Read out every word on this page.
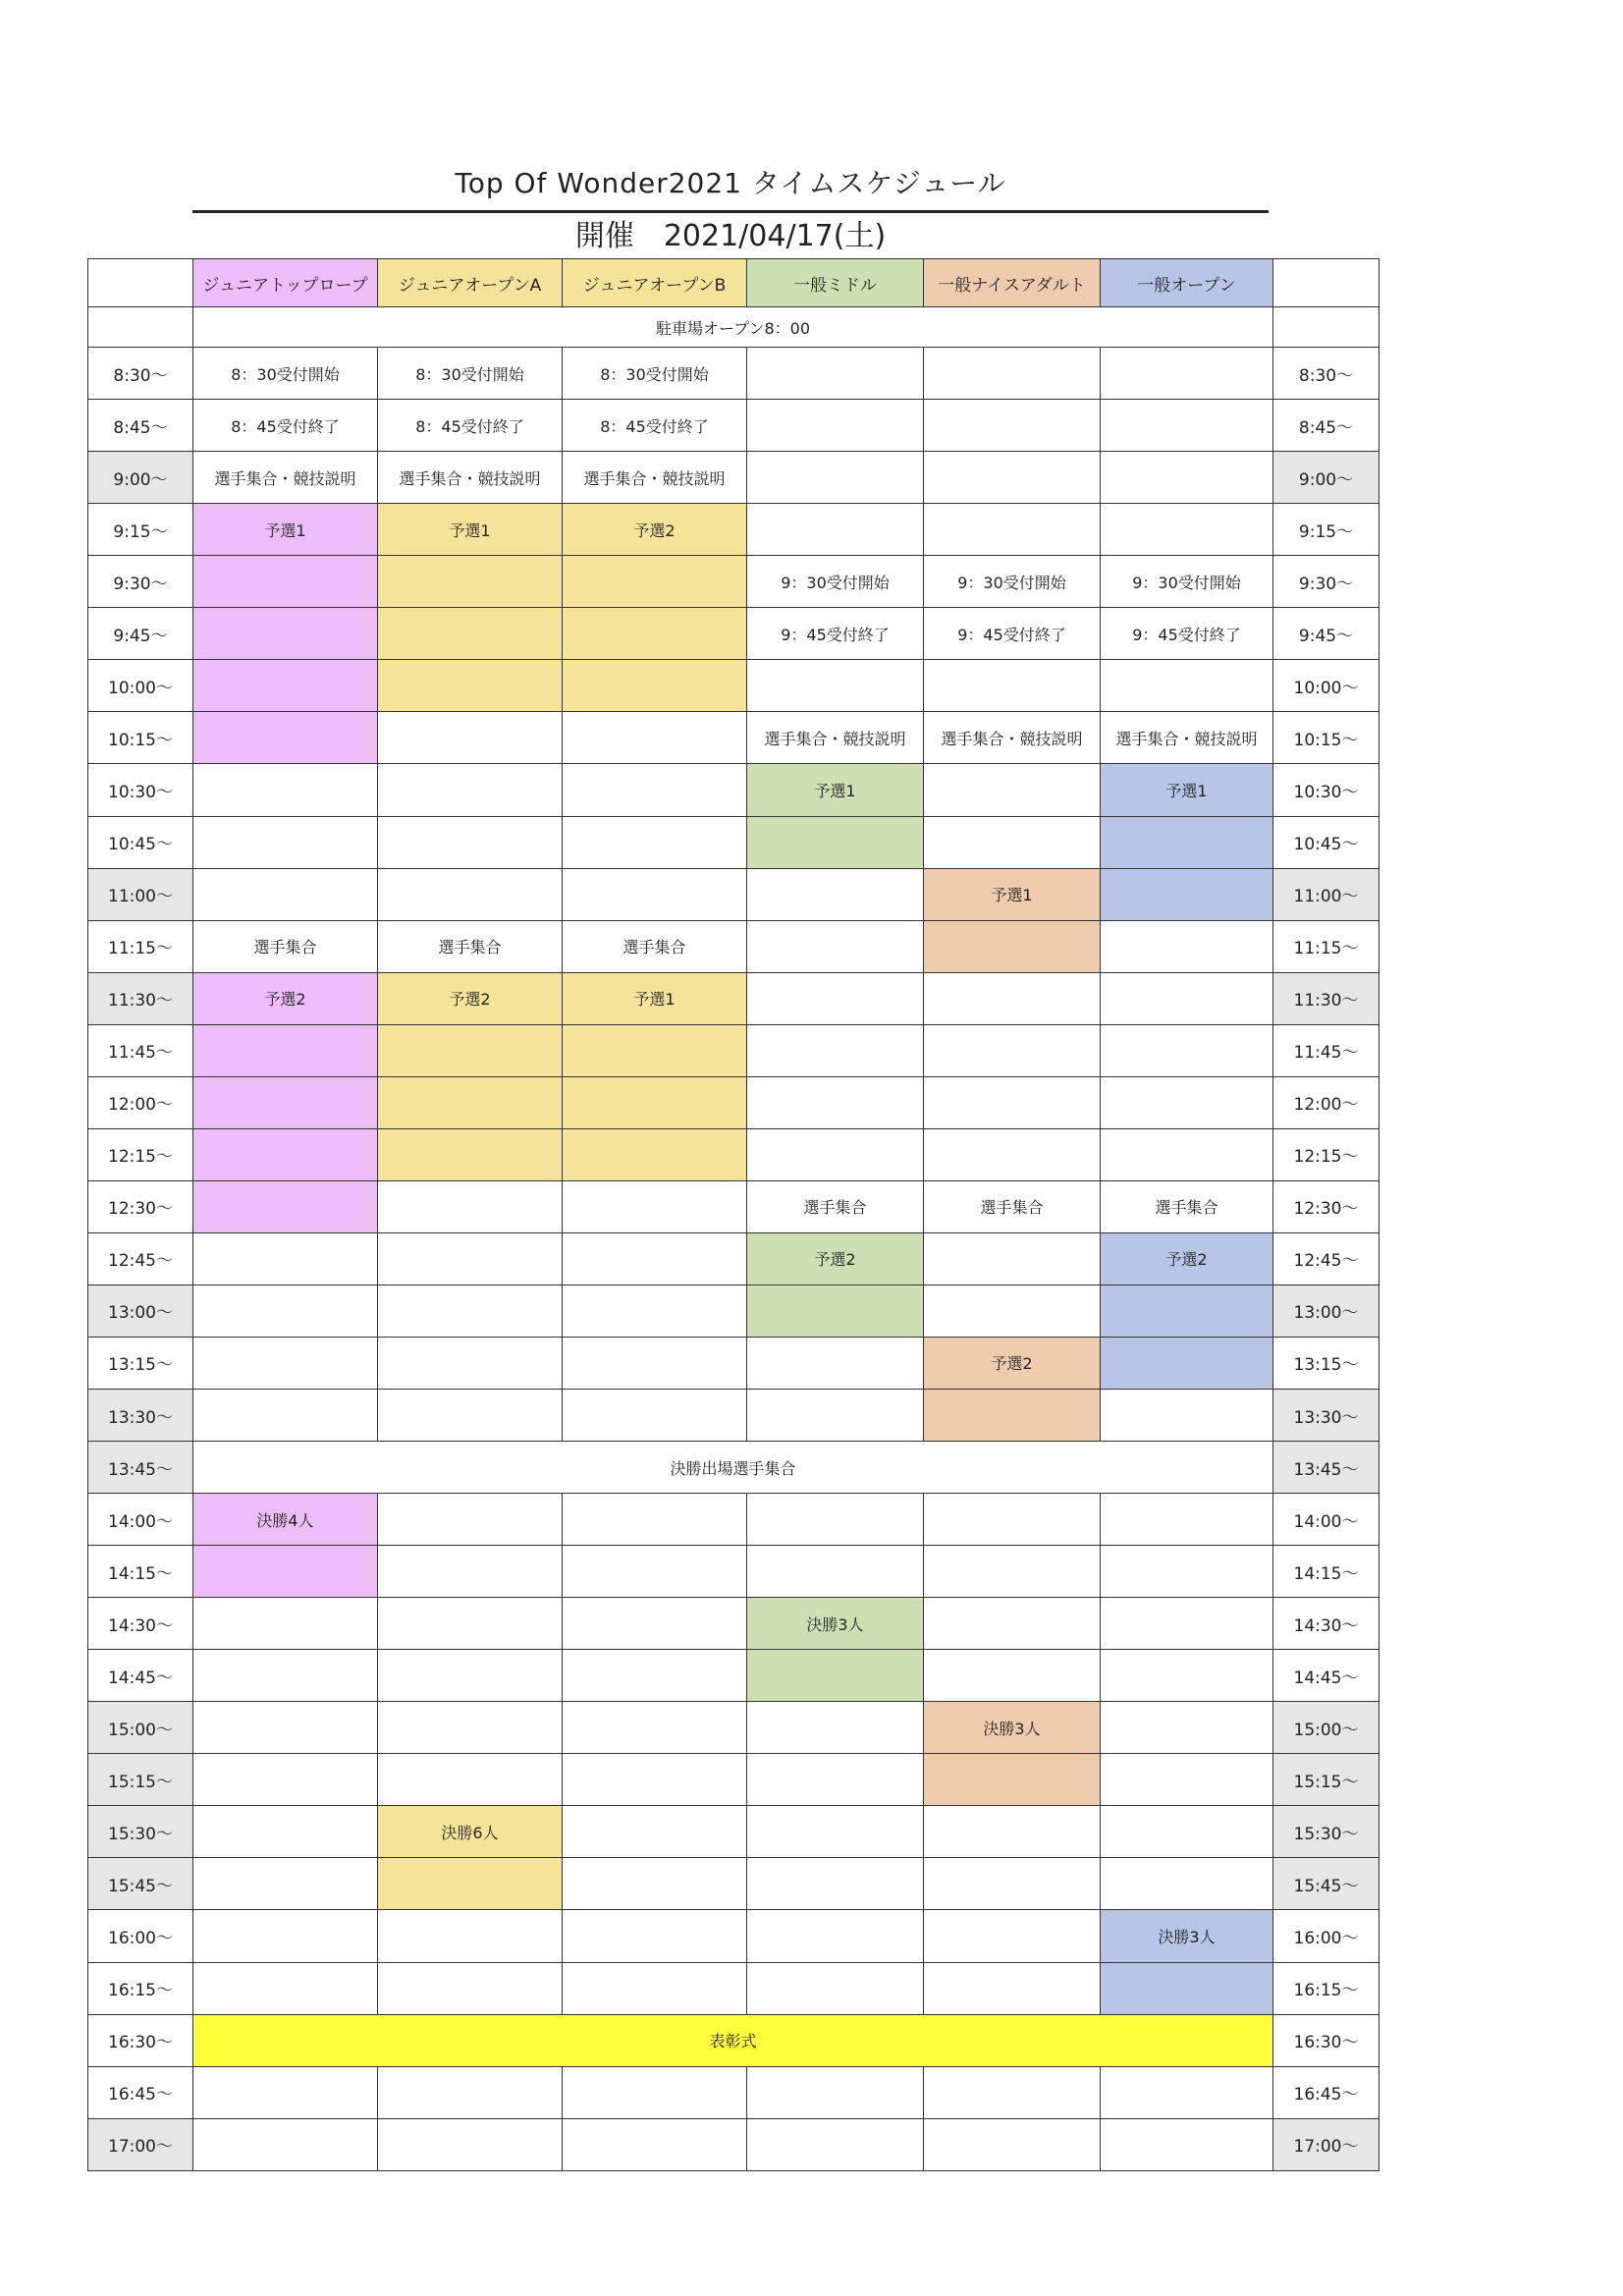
Top Of Wonder2021 タイムスケジュール
開催　2021/04/17(土)
	ジュニアトップロープ	ジュニアオープンA	ジュニアオープンB	一般ミドル	一般ナイスアダルト	一般オープン	
	駐車場オープン8：00						
8:30～	8：30受付開始	8：30受付開始	8：30受付開始				8:30～
8:45～	8：45受付終了	8：45受付終了	8：45受付終了				8:45～
9:00～	選手集合・競技説明	選手集合・競技説明	選手集合・競技説明				9:00～
9:15～	予選1	予選1	予選2				9:15～
9:30～				9：30受付開始	9：30受付開始	9：30受付開始	9:30～
9:45～				9：45受付終了	9：45受付終了	9：45受付終了	9:45～
10:00～							10:00～
10:15～				選手集合・競技説明	選手集合・競技説明	選手集合・競技説明	10:15～
10:30～				予選1		予選1	10:30～
10:45～							10:45～
11:00～					予選1		11:00～
11:15～	選手集合	選手集合	選手集合				11:15～
11:30～	予選2	予選2	予選1				11:30～
11:45～							11:45～
12:00～							12:00～
12:15～							12:15～
12:30～				選手集合	選手集合	選手集合	12:30～
12:45～				予選2		予選2	12:45～
13:00～							13:00～
13:15～					予選2		13:15～
13:30～							13:30～
13:45～	決勝出場選手集合						13:45～
14:00～	決勝4人						14:00～
14:15～							14:15～
14:30～				決勝3人			14:30～
14:45～							14:45～
15:00～					決勝3人		15:00～
15:15～							15:15～
15:30～		決勝6人					15:30～
15:45～							15:45～
16:00～						決勝3人	16:00～
16:15～							16:15～
16:30～	表彰式						16:30～
16:45～							16:45～
17:00～							17:00～
